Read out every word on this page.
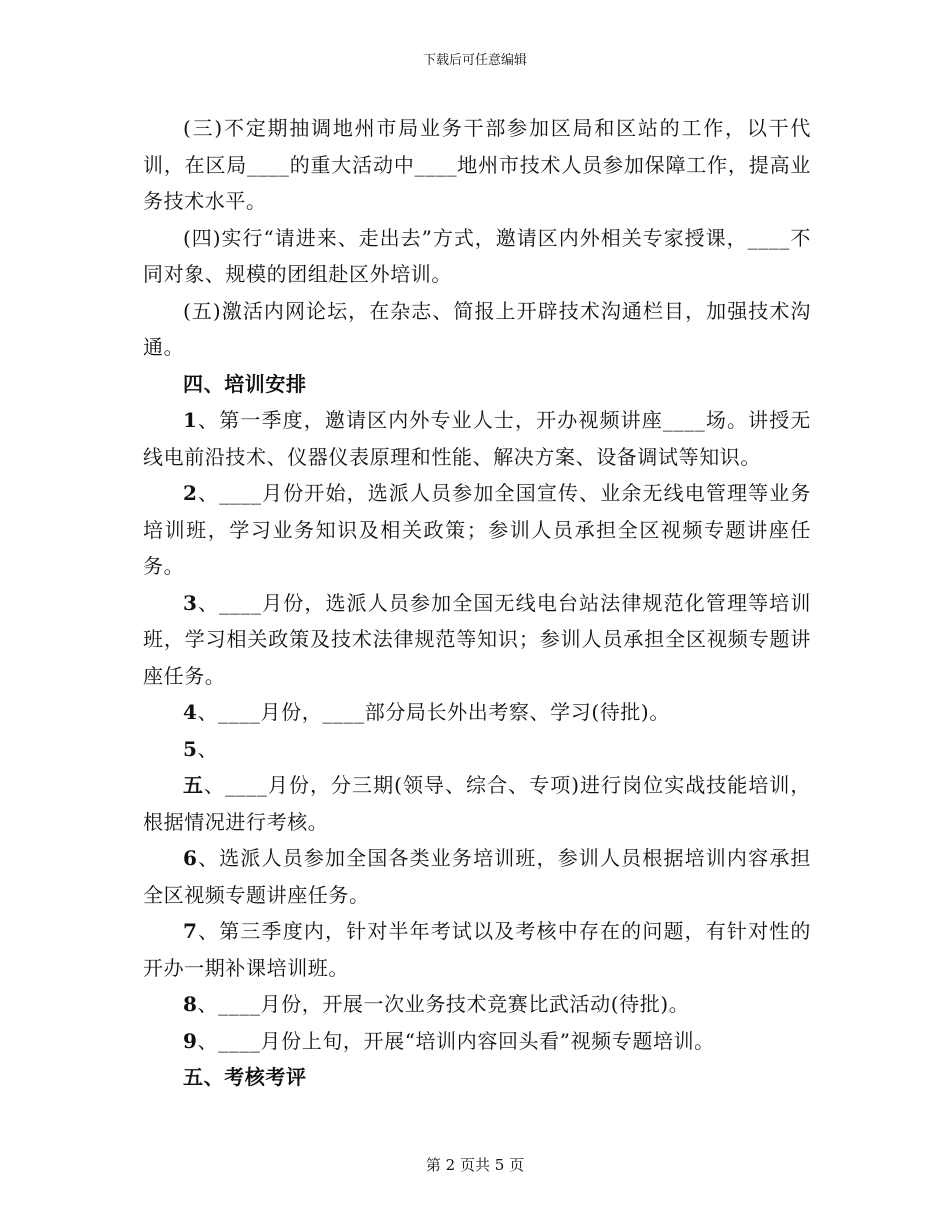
下载后可任意编辑

(三)不定期抽调地州市局业务干部参加区局和区站的工作，以干代训，在区局____的重大活动中____地州市技术人员参加保障工作，提高业务技术水平。

(四)实行“请进来、走出去”方式，邀请区内外相关专家授课，____不同对象、规模的团组赴区外培训。

(五)激活内网论坛，在杂志、简报上开辟技术沟通栏目，加强技术沟通。

四、培训安排

1、第一季度，邀请区内外专业人士，开办视频讲座____场。讲授无线电前沿技术、仪器仪表原理和性能、解决方案、设备调试等知识。

2、____月份开始，选派人员参加全国宣传、业余无线电管理等业务培训班，学习业务知识及相关政策；参训人员承担全区视频专题讲座任务。

3、____月份，选派人员参加全国无线电台站法律规范化管理等培训班，学习相关政策及技术法律规范等知识；参训人员承担全区视频专题讲座任务。

4、____月份，____部分局长外出考察、学习(待批)。

5、

五、____月份，分三期(领导、综合、专项)进行岗位实战技能培训，根据情况进行考核。

6、选派人员参加全国各类业务培训班，参训人员根据培训内容承担全区视频专题讲座任务。

7、第三季度内，针对半年考试以及考核中存在的问题，有针对性的开办一期补课培训班。

8、____月份，开展一次业务技术竞赛比武活动(待批)。

9、____月份上旬，开展“培训内容回头看”视频专题培训。

五、考核考评

第 2 页共 5 页
